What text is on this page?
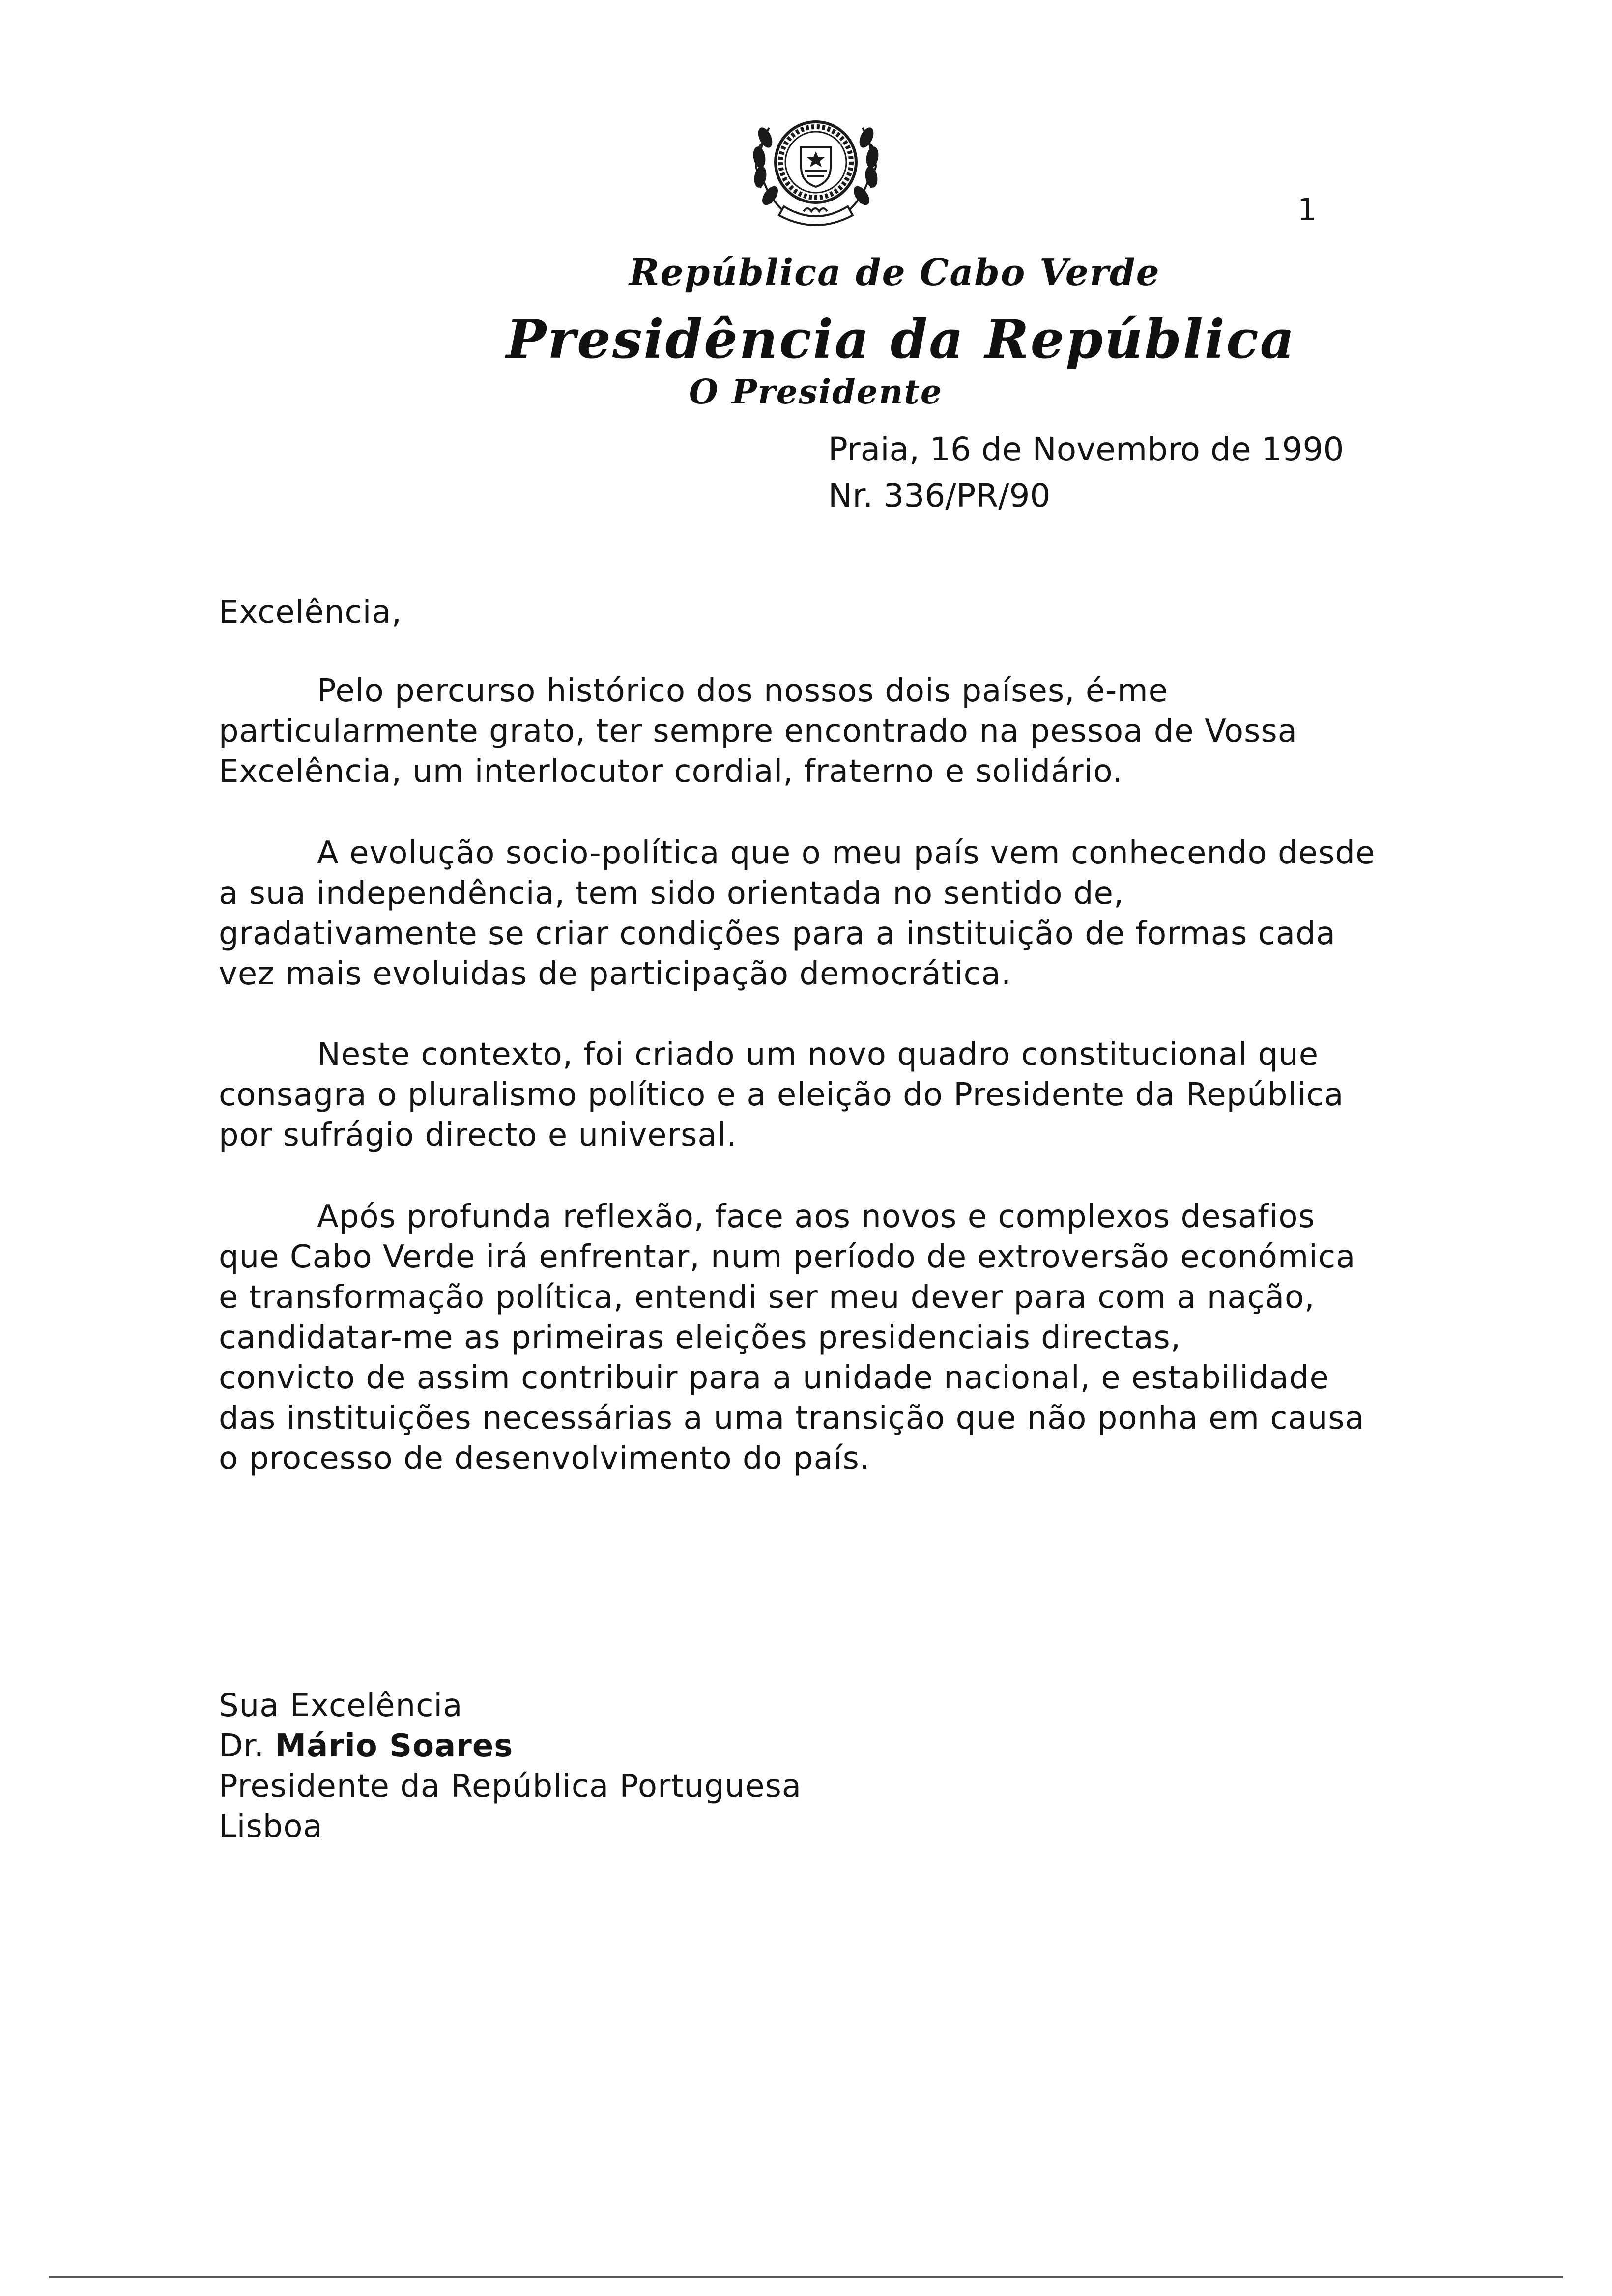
1
República de Cabo Verde
Presidência da República
O Presidente
Praia, 16 de Novembro de 1990
Nr. 336/PR/90
Excelência,
Pelo percurso histórico dos nossos dois países, é-me
particularmente grato, ter sempre encontrado na pessoa de Vossa
Excelência, um interlocutor cordial, fraterno e solidário.
A evolução socio-política que o meu país vem conhecendo desde
a sua independência, tem sido orientada no sentido de,
gradativamente se criar condições para a instituição de formas cada
vez mais evoluidas de participação democrática.
Neste contexto, foi criado um novo quadro constitucional que
consagra o pluralismo político e a eleição do Presidente da República
por sufrágio directo e universal.
Após profunda reflexão, face aos novos e complexos desafios
que Cabo Verde irá enfrentar, num período de extroversão económica
e transformação política, entendi ser meu dever para com a nação,
candidatar-me as primeiras eleições presidenciais directas,
convicto de assim contribuir para a unidade nacional, e estabilidade
das instituições necessárias a uma transição que não ponha em causa
o processo de desenvolvimento do país.
Sua Excelência
Dr. Mário Soares
Presidente da República Portuguesa
Lisboa
